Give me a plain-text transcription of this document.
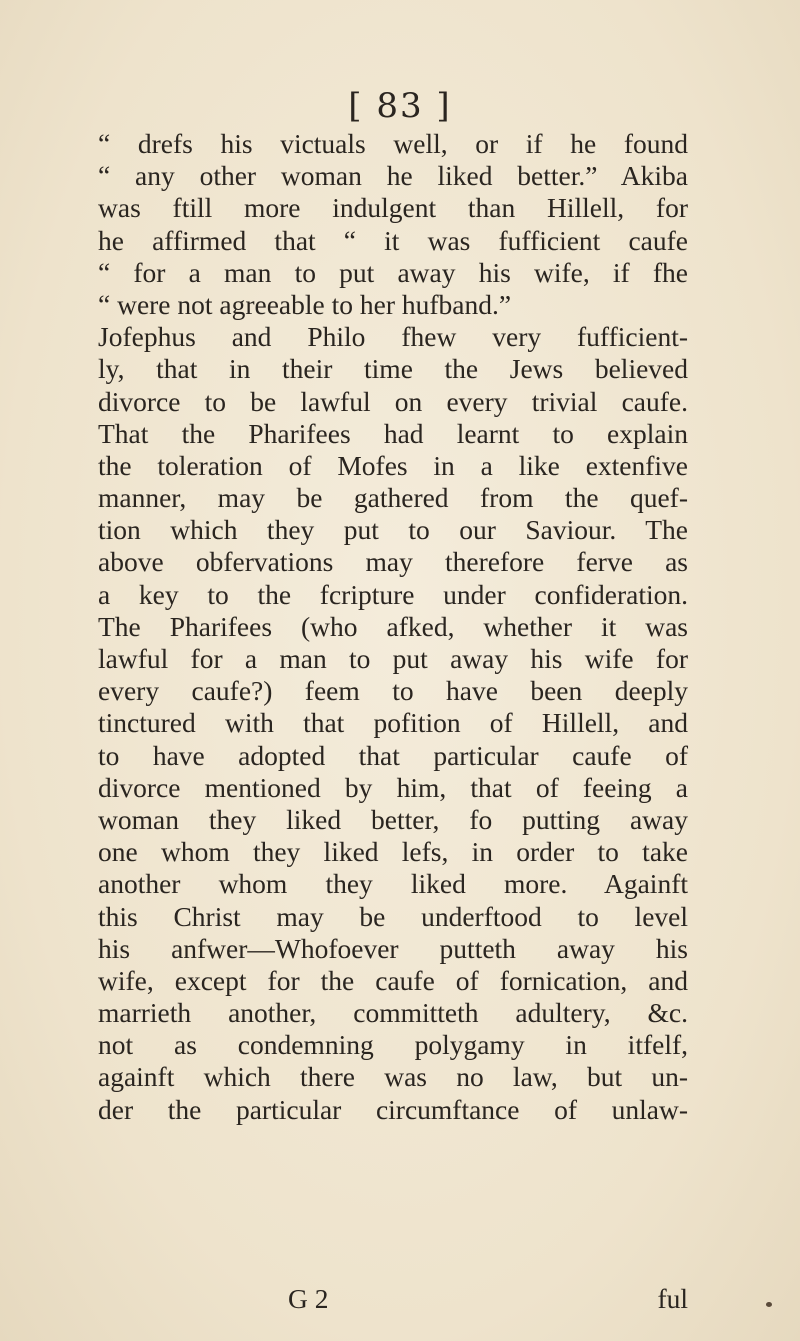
[ 83 ]
“ drefs his victuals well, or if he found
“ any other woman he liked better.” Akiba
was ftill more indulgent than Hillell, for
he affirmed that “ it was fufficient caufe
“ for a man to put away his wife, if fhe
“ were not agreeable to her hufband.”
Jofephus and Philo fhew very fufficient-
ly, that in their time the Jews believed
divorce to be lawful on every trivial caufe.
That the Pharifees had learnt to explain
the toleration of Mofes in a like extenfive
manner, may be gathered from the quef-
tion which they put to our Saviour. The
above obfervations may therefore ferve as
a key to the fcripture under confideration.
The Pharifees (who afked, whether it was
lawful for a man to put away his wife for
every caufe?) feem to have been deeply
tinctured with that pofition of Hillell, and
to have adopted that particular caufe of
divorce mentioned by him, that of feeing a
woman they liked better, fo putting away
one whom they liked lefs, in order to take
another whom they liked more. Againft
this Christ may be underftood to level
his anfwer—Whofoever putteth away his
wife, except for the caufe of fornication, and
marrieth another, committeth adultery, &c.
not as condemning polygamy in itfelf,
againft which there was no law, but un-
der the particular circumftance of unlaw-
G 2	ful
